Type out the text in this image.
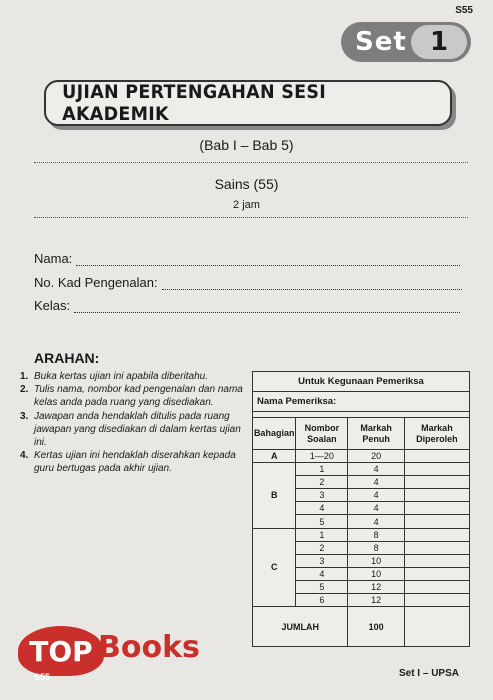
S55
Set 1
UJIAN PERTENGAHAN SESI AKADEMIK
(Bab I – Bab 5)
Sains (55)
2 jam
Nama:
No. Kad Pengenalan:
Kelas:
ARAHAN:
1. Buka kertas ujian ini apabila diberitahu.
2. Tulis nama, nombor kad pengenalan dan nama kelas anda pada ruang yang disediakan.
3. Jawapan anda hendaklah ditulis pada ruang jawapan yang disediakan di dalam kertas ujian ini.
4. Kertas ujian ini hendaklah diserahkan kepada guru bertugas pada akhir ujian.
Untuk Kegunaan Pemeriksa			
Nama Pemeriksa:			

Bahagian	Nombor Soalan	Markah Penuh	Markah Diperoleh
A	1—20	20	
B	1	4	
	2	4	
	3	4	
	4	4	
	5	4	
C	1	8	
	2	8	
	3	10	
	4	10	
	5	12	
	6	12	
JUMLAH		100	
TOP Books
S55	Set I – UPSA
